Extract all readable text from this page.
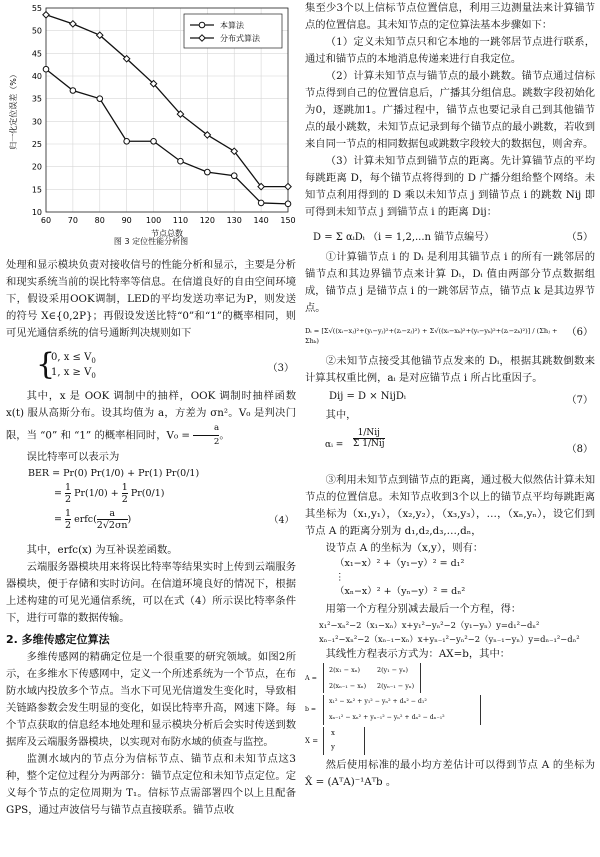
10
15
20
25
30
35
40
45
50
55
60 70 80 90 100 110 120 130 140 150
节点总数
归一化定位误差（%）
本算法
分布式算法
图 3 定位性能分析图

处理和显示模块负责对接收信号的性能分析和显示，主要是分析和现实系统当前的误比特率等信息。在信道良好的自由空间环境下，假设采用OOK调制，LED的平均发送功率记为P，则发送的符号 X∈{0,2P}；再假设发送比特“0”和“1”的概率相同，则可见光通信系统的信号通断判决规则如下

{
0, $x \le V_0$
1, $x \ge V_0$
（3）

其中，x 是 OOK 调制中的抽样，OOK 调制时抽样函数 x(t) 服从高斯分布。设其均值为 a，方差为 σn²。V₀ 是判决门限，当 “0” 和 “1” 的概率相同时，$V_0 = \frac{a}{2}$ 。

误比特率可以表示为

BER = Pr(0) Pr(1/0) + Pr(1) Pr(0/1)
= $\frac{1}{2} Pr(1/0) + \frac{1}{2} Pr(0/1)$
= $\frac{1}{2}$ erfc( $\frac{a}{2√2\sigma n}$ )	（4）

其中，erfc(x) 为互补误差函数。

云端服务器模块用来将误比特率等结果实时上传到云端服务器模块，便于存储和实时访问。在信道环境良好的情况下，根据上述构建的可见光通信系统，可以在式（4）所示误比特率条件下，进行可靠的数据传输。

2. 多维传感定位算法

多维传感网的精确定位是一个很重要的研究领域。如图2所示，在多维水下传感网中，定义一个所述系统为一个节点，在布防水域内投放多个节点。当水下可见光信道发生变化时，导致相关链路参数会发生明显的变化，如误比特率升高，网速下降。每个节点获取的信息经本地处理和显示模块分析后会实时传送到数据库及云端服务器模块，以实现对布防水域的侦查与监控。

监测水域内的节点分为信标节点、锚节点和未知节点这3种，整个定位过程分为两部分：锚节点定位和未知节点定位。定义每个节点的定位周期为 T₁。信标节点需部署四个以上且配备 GPS，通过声波信号与锚节点直接联系。锚节点收

集至少3个以上信标节点位置信息，利用三边测量法来计算锚节点的位置信息。其未知节点的定位算法基本步骤如下：

（1）定义未知节点只和它本地的一跳邻居节点进行联系，通过和锚节点的本地消息传递来进行自我定位。

（2）计算未知节点与锚节点的最小跳数。锚节点通过信标节点得到自己的位置信息后，广播其分组信息。跳数字段初始化为0，逐跳加1。广播过程中，锚节点也要记录自己到其他锚节点的最小跳数，未知节点记录到每个锚节点的最小跳数，若收到来自同一节点的相同数据包或跳数字段较大的数据包，则舍弃。

（3）计算未知节点到锚节点的距离。先计算锚节点的平均每跳距离 D，每个锚节点将得到的 D 广播分组给整个网络。未知节点利用得到的 D 乘以未知节点 j 到锚节点 i 的跳数 Nij 即可得到未知节点 j 到锚节点 i 的距离 Dij：

D = Σ αᵢDᵢ （i = 1,2,...n 锚节点编号）	（5）

①计算锚节点 i 的 Dᵢ 是利用其锚节点 i 的所有一跳邻居的锚节点和其边界锚节点来计算 Dᵢ，Dᵢ 值由两部分节点数据组成，锚节点 j 是锚节点 i 的一跳邻居节点，锚节点 k 是其边界节点。

Dᵢ = [Σ√((xᵢ−xⱼ)²+(yᵢ−yⱼ)²+(zᵢ−zⱼ)²) + Σ√((xᵢ−xₖ)²+(yᵢ−yₖ)²+(zᵢ−zₖ)²)] / (Σhⱼ + Σhₖ)
（6）

②未知节点接受其他锚节点发来的 Dᵢ，根据其跳数倒数来计算其权重比例，aᵢ 是对应锚节点 i 所占比重因子。

Dij = D × NijDᵢ	（7）

其中，

αᵢ =
1/Nij
Σ 1/Nij	（8）

③利用未知节点到锚节点的距离，通过极大似然估计算未知节点的位置信息。未知节点收到3个以上的锚节点平均每跳距离其坐标为（x₁,y₁），（x₂,y₂），（x₃,y₃），…，（xₙ,yₙ），设它们到节点 A 的距离分别为 d₁,d₂,d₃,…,dₙ，

设节点 A 的坐标为（x,y），则有：

（x₁−x）² +（y₁−y）² = d₁²
⋮
（xₙ−x）² +（yₙ−y）² = dₙ²

用第一个方程分别减去最后一个方程，得：

x₁²−xₙ²−2（x₁−xₙ）x+y₁²−yₙ²−2（y₁−yₙ）y=d₁²−dₙ²
xₙ₋₁²−xₙ²−2（xₙ₋₁−xₙ）x+yₙ₋₁²−yₙ²−2（yₙ₋₁−yₙ）y=dₙ₋₁²−dₙ²

其线性方程表示方式为：AX=b，其中：

A =
2(x₁ − xₙ)	2(y₁ − yₙ)
2(xₙ₋₁ − xₙ) 2(yₙ₋₁ − yₙ)
b =
x₁² − xₙ² + y₁² − yₙ² + dₙ² − d₁²
xₙ₋₁² − xₙ² + yₙ₋₁² − yₙ² + dₙ² − dₙ₋₁²
X =
x
y

然后使用标准的最小均方差估计可以得到节点 A 的坐标为 X̂ = (AᵀA)⁻¹Aᵀb 。
